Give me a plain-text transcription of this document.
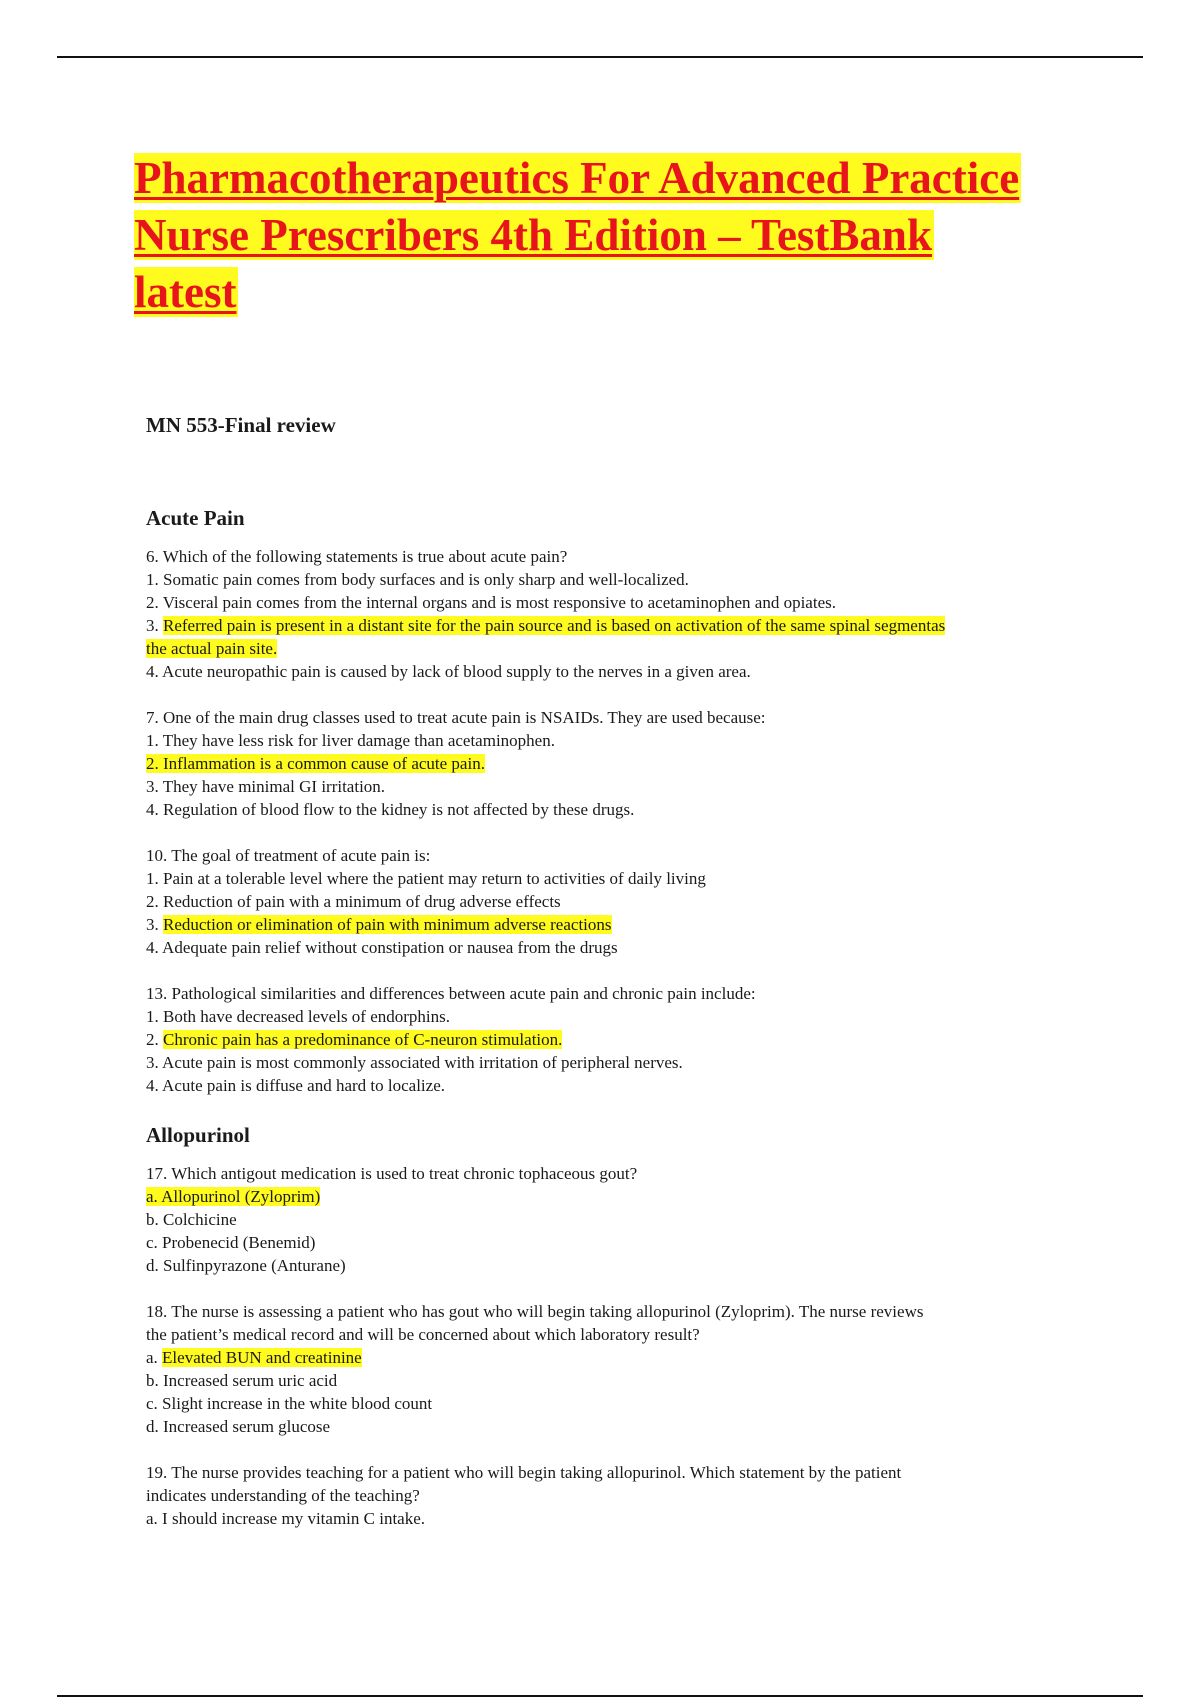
Pharmacotherapeutics For Advanced Practice
Nurse Prescribers 4th Edition – TestBank
latest

MN 553-Final review

Acute Pain

6. Which of the following statements is true about acute pain?

1. Somatic pain comes from body surfaces and is only sharp and well-localized.

2. Visceral pain comes from the internal organs and is most responsive to acetaminophen and opiates.

3. Referred pain is present in a distant site for the pain source and is based on activation of the same spinal segmentas

the actual pain site.

4. Acute neuropathic pain is caused by lack of blood supply to the nerves in a given area.

7. One of the main drug classes used to treat acute pain is NSAIDs. They are used because:

1. They have less risk for liver damage than acetaminophen.

2. Inflammation is a common cause of acute pain.

3. They have minimal GI irritation.

4. Regulation of blood flow to the kidney is not affected by these drugs.

10. The goal of treatment of acute pain is:

1. Pain at a tolerable level where the patient may return to activities of daily living

2. Reduction of pain with a minimum of drug adverse effects

3. Reduction or elimination of pain with minimum adverse reactions

4. Adequate pain relief without constipation or nausea from the drugs

13. Pathological similarities and differences between acute pain and chronic pain include:

1. Both have decreased levels of endorphins.

2. Chronic pain has a predominance of C-neuron stimulation.

3. Acute pain is most commonly associated with irritation of peripheral nerves.

4. Acute pain is diffuse and hard to localize.

Allopurinol

17. Which antigout medication is used to treat chronic tophaceous gout?

a. Allopurinol (Zyloprim)

b. Colchicine

c. Probenecid (Benemid)

d. Sulfinpyrazone (Anturane)

18. The nurse is assessing a patient who has gout who will begin taking allopurinol (Zyloprim). The nurse reviews

the patient’s medical record and will be concerned about which laboratory result?

a. Elevated BUN and creatinine

b. Increased serum uric acid

c. Slight increase in the white blood count

d. Increased serum glucose

19. The nurse provides teaching for a patient who will begin taking allopurinol. Which statement by the patient

indicates understanding of the teaching?

a. I should increase my vitamin C intake.
